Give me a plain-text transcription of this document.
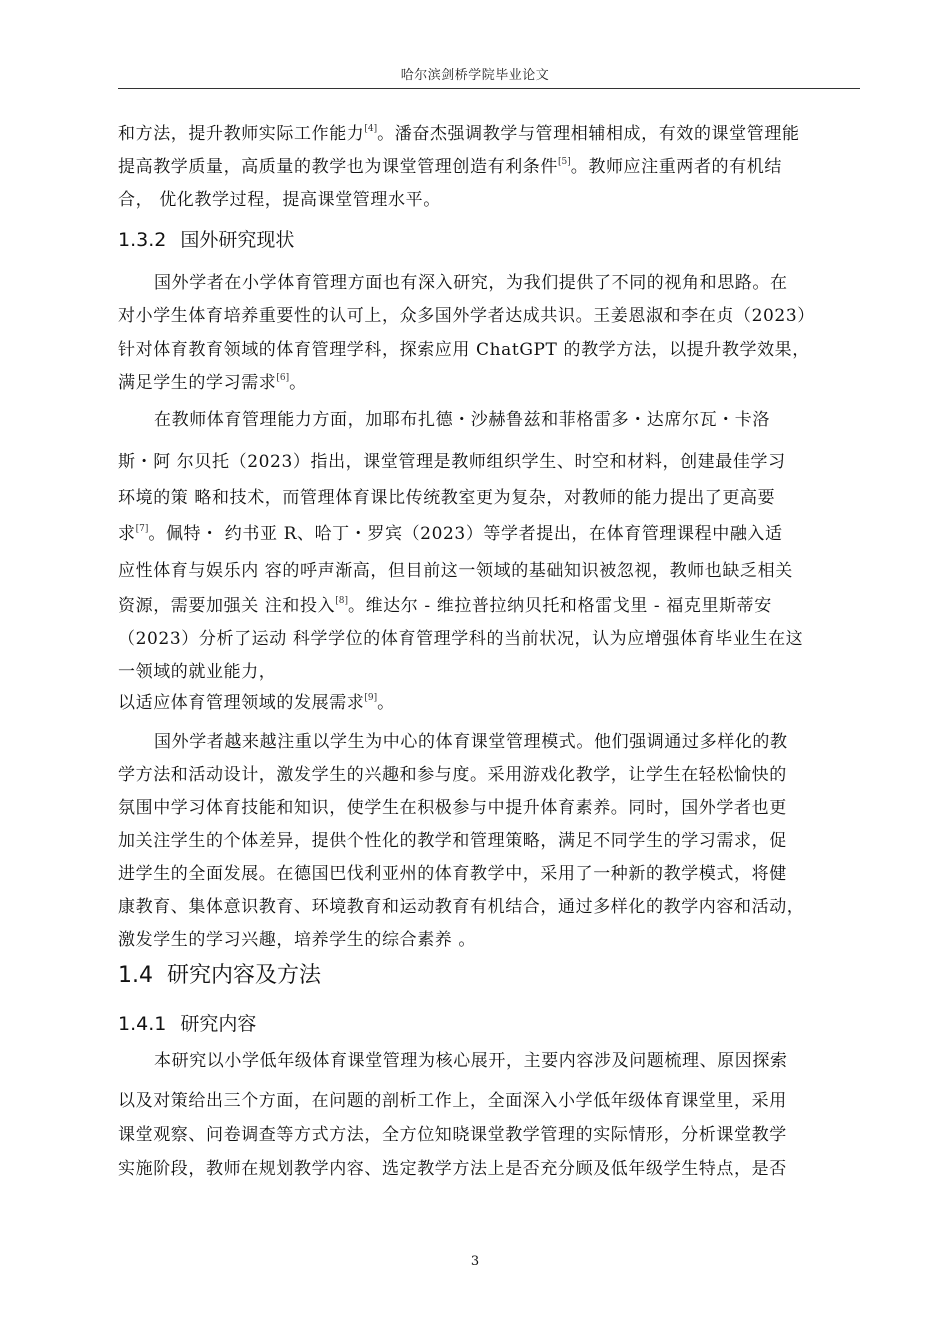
哈尔滨剑桥学院毕业论文
和方法，提升教师实际工作能力[4]。潘奋杰强调教学与管理相辅相成，有效的课堂管理能
提高教学质量，高质量的教学也为课堂管理创造有利条件[5]。教师应注重两者的有机结
合， 优化教学过程，提高课堂管理水平。
1.3.2 国外研究现状
国外学者在小学体育管理方面也有深入研究，为我们提供了不同的视角和思路。在
对小学生体育培养重要性的认可上，众多国外学者达成共识。王姜恩淑和李在贞（2023）
针对体育教育领域的体育管理学科，探索应用 ChatGPT 的教学方法，以提升教学效果，
满足学生的学习需求[6]。
在教师体育管理能力方面，加耶布扎德・沙赫鲁兹和菲格雷多・达席尔瓦・卡洛
斯・阿 尔贝托（2023）指出，课堂管理是教师组织学生、时空和材料，创建最佳学习
环境的策 略和技术，而管理体育课比传统教室更为复杂，对教师的能力提出了更高要
求[7]。佩特・ 约书亚 R、哈丁・罗宾（2023）等学者提出，在体育管理课程中融入适
应性体育与娱乐内 容的呼声渐高，但目前这一领域的基础知识被忽视，教师也缺乏相关
资源，需要加强关 注和投入[8]。维达尔 - 维拉普拉纳贝托和格雷戈里 - 福克里斯蒂安
（2023）分析了运动 科学学位的体育管理学科的当前状况，认为应增强体育毕业生在这
一领域的就业能力，
以适应体育管理领域的发展需求[9]。
国外学者越来越注重以学生为中心的体育课堂管理模式。他们强调通过多样化的教
学方法和活动设计，激发学生的兴趣和参与度。采用游戏化教学，让学生在轻松愉快的
氛围中学习体育技能和知识，使学生在积极参与中提升体育素养。同时，国外学者也更
加关注学生的个体差异，提供个性化的教学和管理策略，满足不同学生的学习需求，促
进学生的全面发展。在德国巴伐利亚州的体育教学中，采用了一种新的教学模式，将健
康教育、集体意识教育、环境教育和运动教育有机结合，通过多样化的教学内容和活动，
激发学生的学习兴趣，培养学生的综合素养 。
1.4 研究内容及方法
1.4.1 研究内容
本研究以小学低年级体育课堂管理为核心展开，主要内容涉及问题梳理、原因探索
以及对策给出三个方面，在问题的剖析工作上，全面深入小学低年级体育课堂里，采用
课堂观察、问卷调查等方式方法，全方位知晓课堂教学管理的实际情形，分析课堂教学
实施阶段，教师在规划教学内容、选定教学方法上是否充分顾及低年级学生特点，是否
3
